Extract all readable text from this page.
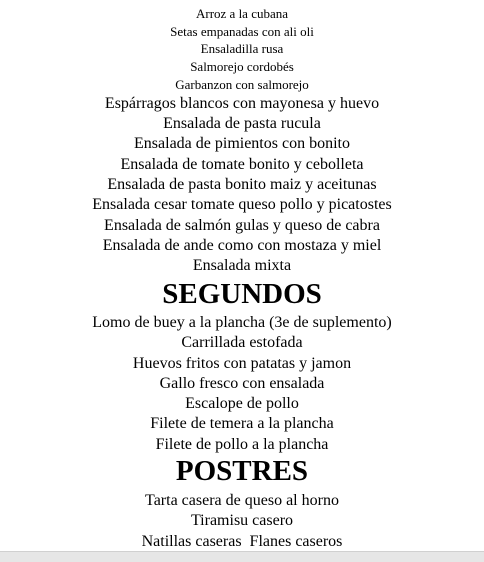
Arroz a la cubana
Setas empanadas con ali oli
Ensaladilla rusa
Salmorejo cordobés
Garbanzon con salmorejo
Espárragos blancos con mayonesa y huevo
Ensalada de pasta rucula
Ensalada de pimientos con bonito
Ensalada de tomate bonito y cebolleta
Ensalada de pasta bonito maiz y aceitunas
Ensalada cesar tomate queso pollo y picatostes
Ensalada de salmón gulas y queso de cabra
Ensalada de ande como con mostaza y miel
Ensalada mixta
SEGUNDOS
Lomo de buey a la plancha (3e de suplemento)
Carrillada estofada
Huevos fritos con patatas y jamon
Gallo fresco con ensalada
Escalope de pollo
Filete de temera a la plancha
Filete de pollo a la plancha
POSTRES
Tarta casera de queso al horno
Tiramisu casero
Natillas caseras  Flanes caseros
